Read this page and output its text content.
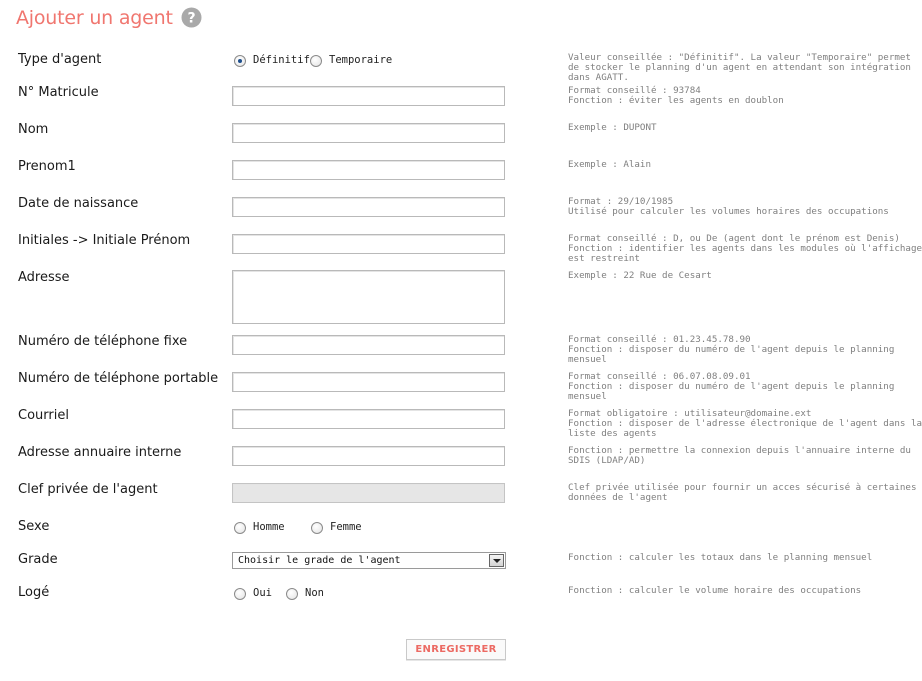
Ajouter un agent ?
Type d'agent	Définitif Temporaire	Valeur conseillée : "Définitif". La valeur "Temporaire" permet
de stocker le planning d'un agent en attendant son intégration
dans AGATT.
N° Matricule	Format conseillé : 93784
Fonction : éviter les agents en doublon
Nom	Exemple : DUPONT
Prenom1	Exemple : Alain
Date de naissance	Format : 29/10/1985
Utilisé pour calculer les volumes horaires des occupations
Initiales -> Initiale Prénom	Format conseillé : D, ou De (agent dont le prénom est Denis)
Fonction : identifier les agents dans les modules où l'affichage
est restreint
Adresse	Exemple : 22 Rue de Cesart
Numéro de téléphone fixe	Format conseillé : 01.23.45.78.90
Fonction : disposer du numéro de l'agent depuis le planning
mensuel
Numéro de téléphone portable	Format conseillé : 06.07.08.09.01
Fonction : disposer du numéro de l'agent depuis le planning
mensuel
Courriel	Format obligatoire : utilisateur@domaine.ext
Fonction : disposer de l'adresse électronique de l'agent dans la
liste des agents
Adresse annuaire interne	Fonction : permettre la connexion depuis l'annuaire interne du
SDIS (LDAP/AD)
Clef privée de l'agent	Clef privée utilisée pour fournir un acces sécurisé à certaines
données de l'agent
Sexe	Homme	Femme
Grade	Choisir le grade de l'agent	Fonction : calculer les totaux dans le planning mensuel
Logé	Oui	Non	Fonction : calculer le volume horaire des occupations
ENREGISTRER
